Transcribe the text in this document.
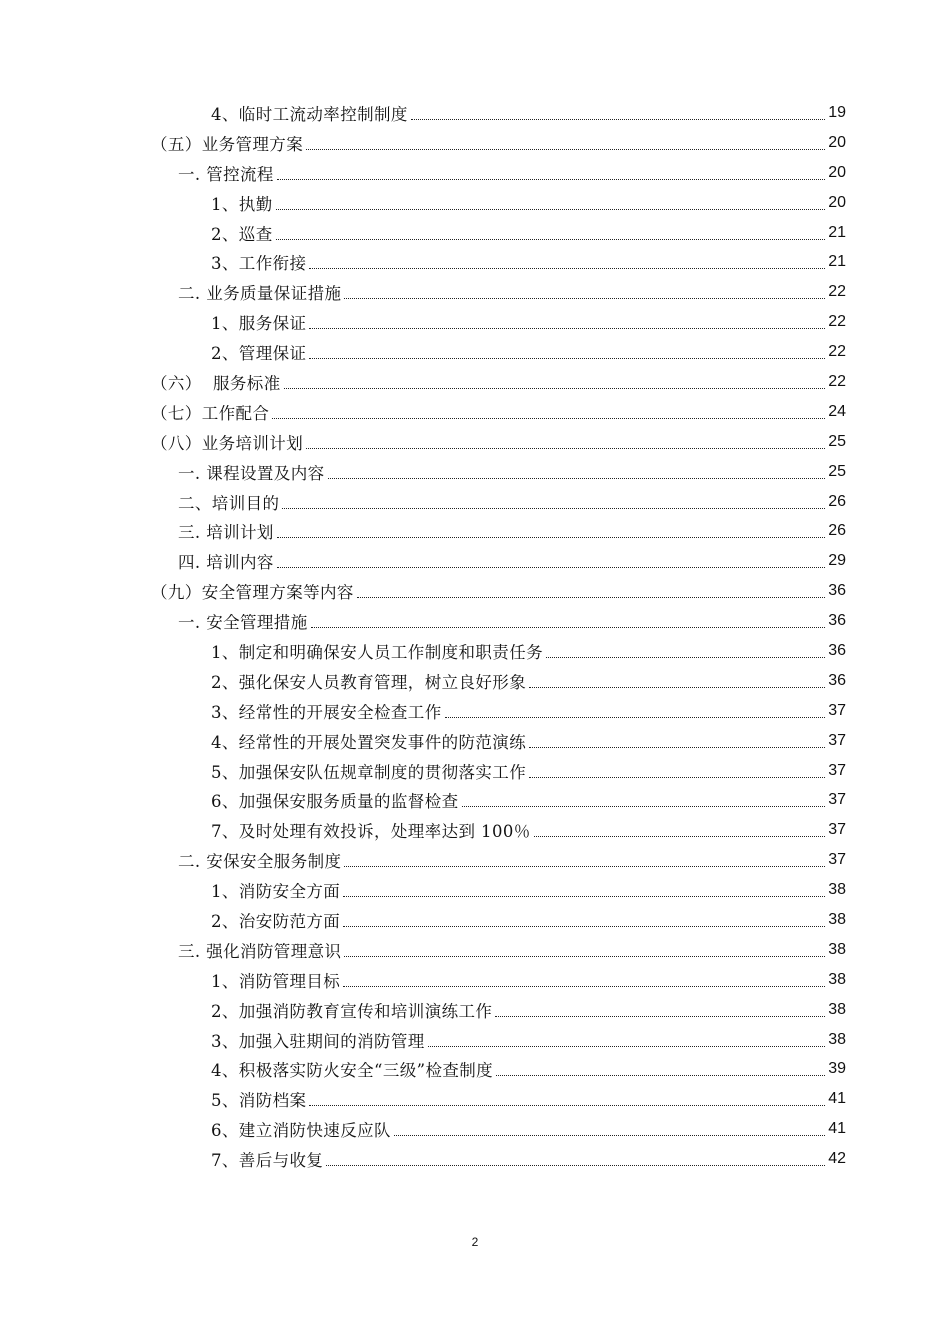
4、临时工流动率控制制度	19
（五）业务管理方案	20
一. 管控流程	20
1、执勤	20
2、巡查	21
3、工作衔接	21
二. 业务质量保证措施	22
1、服务保证	22
2、管理保证	22
（六）  服务标准	22
（七）工作配合	24
（八）业务培训计划	25
一. 课程设置及内容	25
二、培训目的	26
三. 培训计划	26
四. 培训内容	29
（九）安全管理方案等内容	36
一. 安全管理措施	36
1、制定和明确保安人员工作制度和职责任务	36
2、强化保安人员教育管理，树立良好形象	36
3、经常性的开展安全检查工作	37
4、经常性的开展处置突发事件的防范演练	37
5、加强保安队伍规章制度的贯彻落实工作	37
6、加强保安服务质量的监督检查	37
7、及时处理有效投诉，处理率达到 100％	37
二. 安保安全服务制度	37
1、消防安全方面	38
2、治安防范方面	38
三. 强化消防管理意识	38
1、消防管理目标	38
2、加强消防教育宣传和培训演练工作	38
3、加强入驻期间的消防管理	38
4、积极落实防火安全“三级”检查制度	39
5、消防档案	41
6、建立消防快速反应队	41
7、善后与收复	42
2
